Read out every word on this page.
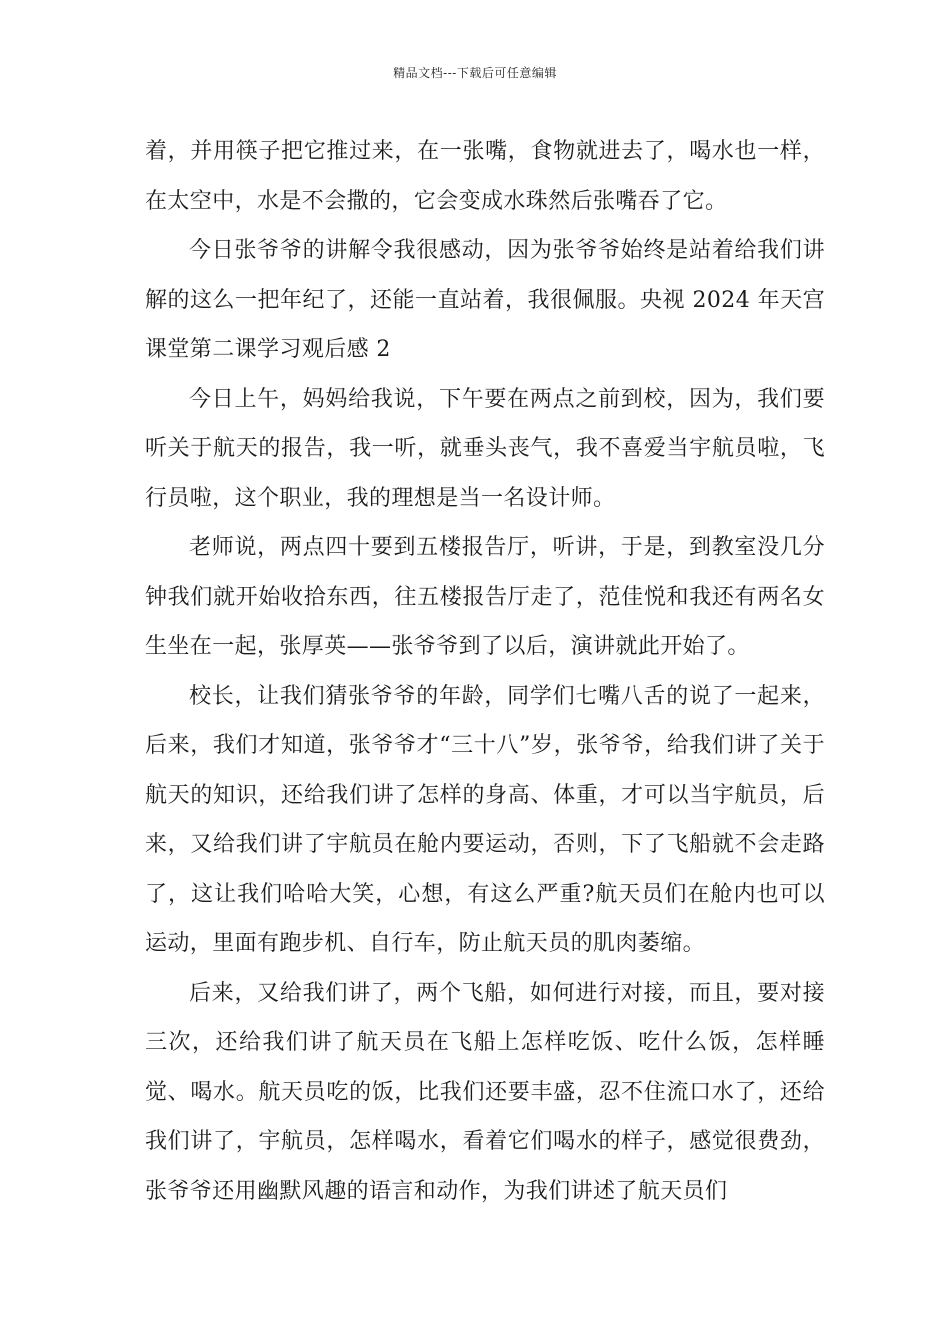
精品文档---下载后可任意编辑

着，并用筷子把它推过来，在一张嘴，食物就进去了，喝水也一样，在太空中，水是不会撒的，它会变成水珠然后张嘴吞了它。

今日张爷爷的讲解令我很感动，因为张爷爷始终是站着给我们讲解的这么一把年纪了，还能一直站着，我很佩服。央视 2024 年天宫课堂第二课学习观后感 2

今日上午，妈妈给我说，下午要在两点之前到校，因为，我们要听关于航天的报告，我一听，就垂头丧气，我不喜爱当宇航员啦，飞行员啦，这个职业，我的理想是当一名设计师。

老师说，两点四十要到五楼报告厅，听讲，于是，到教室没几分钟我们就开始收拾东西，往五楼报告厅走了，范佳悦和我还有两名女生坐在一起，张厚英——张爷爷到了以后，演讲就此开始了。

校长，让我们猜张爷爷的年龄，同学们七嘴八舌的说了一起来，后来，我们才知道，张爷爷才“三十八”岁，张爷爷，给我们讲了关于航天的知识，还给我们讲了怎样的身高、体重，才可以当宇航员，后来，又给我们讲了宇航员在舱内要运动，否则，下了飞船就不会走路了，这让我们哈哈大笑，心想，有这么严重?航天员们在舱内也可以运动，里面有跑步机、自行车，防止航天员的肌肉萎缩。

后来，又给我们讲了，两个飞船，如何进行对接，而且，要对接三次，还给我们讲了航天员在飞船上怎样吃饭、吃什么饭，怎样睡觉、喝水。航天员吃的饭，比我们还要丰盛，忍不住流口水了，还给我们讲了，宇航员，怎样喝水，看着它们喝水的样子，感觉很费劲，张爷爷还用幽默风趣的语言和动作，为我们讲述了航天员们
